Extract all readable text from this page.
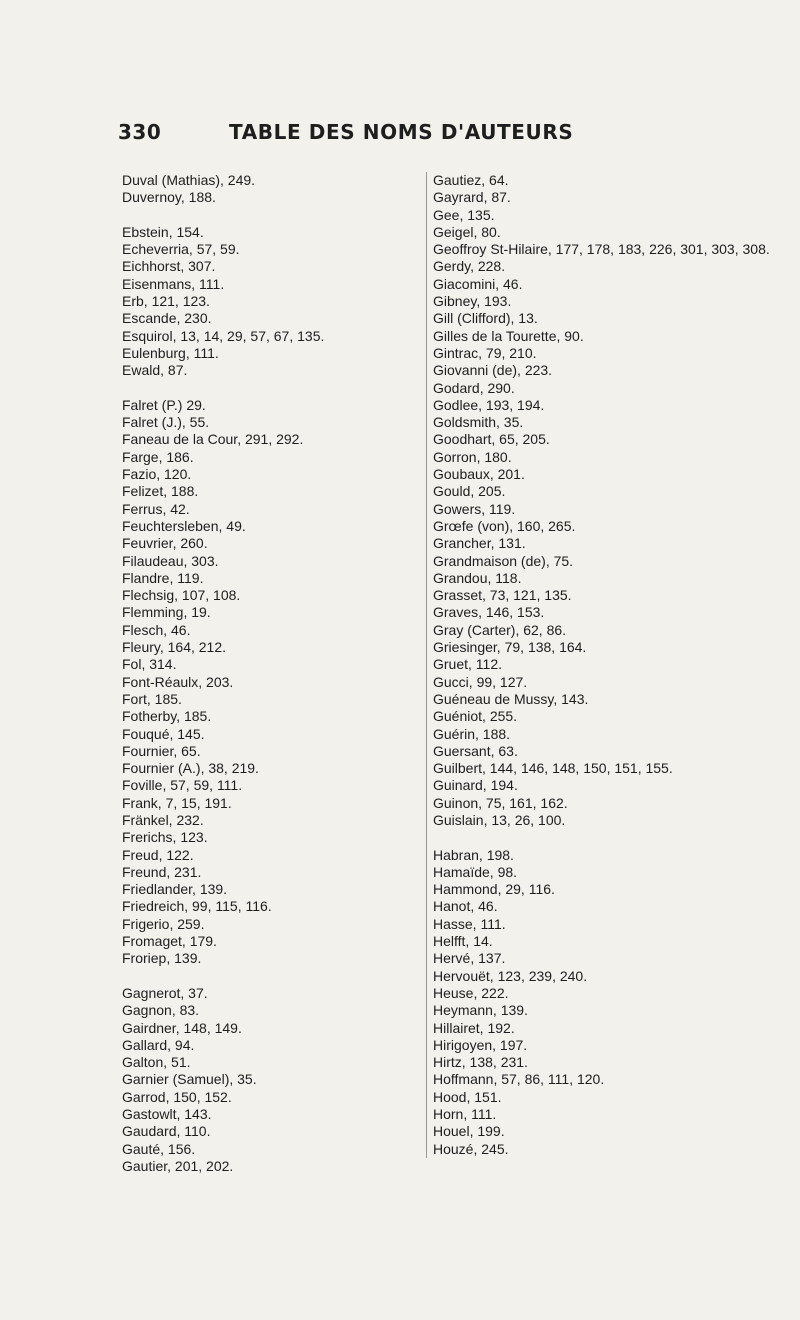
330	TABLE DES NOMS D'AUTEURS
Duval (Mathias), 249.
Duvernoy, 188.
Ebstein, 154.
Echeverria, 57, 59.
Eichhorst, 307.
Eisenmans, 111.
Erb, 121, 123.
Escande, 230.
Esquirol, 13, 14, 29, 57, 67, 135.
Eulenburg, 111.
Ewald, 87.
Falret (P.) 29.
Falret (J.), 55.
Faneau de la Cour, 291, 292.
Farge, 186.
Fazio, 120.
Felizet, 188.
Ferrus, 42.
Feuchtersleben, 49.
Feuvrier, 260.
Filaudeau, 303.
Flandre, 119.
Flechsig, 107, 108.
Flemming, 19.
Flesch, 46.
Fleury, 164, 212.
Fol, 314.
Font-Réaulx, 203.
Fort, 185.
Fotherby, 185.
Fouqué, 145.
Fournier, 65.
Fournier (A.), 38, 219.
Foville, 57, 59, 111.
Frank, 7, 15, 191.
Fränkel, 232.
Frerichs, 123.
Freud, 122.
Freund, 231.
Friedlander, 139.
Friedreich, 99, 115, 116.
Frigerio, 259.
Fromaget, 179.
Froriep, 139.
Gagnerot, 37.
Gagnon, 83.
Gairdner, 148, 149.
Gallard, 94.
Galton, 51.
Garnier (Samuel), 35.
Garrod, 150, 152.
Gastowlt, 143.
Gaudard, 110.
Gauté, 156.
Gautier, 201, 202.
Gautiez, 64.
Gayrard, 87.
Gee, 135.
Geigel, 80.
Geoffroy St-Hilaire, 177, 178, 183, 226, 301, 303, 308.
Gerdy, 228.
Giacomini, 46.
Gibney, 193.
Gill (Clifford), 13.
Gilles de la Tourette, 90.
Gintrac, 79, 210.
Giovanni (de), 223.
Godard, 290.
Godlee, 193, 194.
Goldsmith, 35.
Goodhart, 65, 205.
Gorron, 180.
Goubaux, 201.
Gould, 205.
Gowers, 119.
Grœfe (von), 160, 265.
Grancher, 131.
Grandmaison (de), 75.
Grandou, 118.
Grasset, 73, 121, 135.
Graves, 146, 153.
Gray (Carter), 62, 86.
Griesinger, 79, 138, 164.
Gruet, 112.
Gucci, 99, 127.
Guéneau de Mussy, 143.
Guéniot, 255.
Guérin, 188.
Guersant, 63.
Guilbert, 144, 146, 148, 150, 151, 155.
Guinard, 194.
Guinon, 75, 161, 162.
Guislain, 13, 26, 100.
Habran, 198.
Hamaïde, 98.
Hammond, 29, 116.
Hanot, 46.
Hasse, 111.
Helfft, 14.
Hervé, 137.
Hervouët, 123, 239, 240.
Heuse, 222.
Heymann, 139.
Hillairet, 192.
Hirigoyen, 197.
Hirtz, 138, 231.
Hoffmann, 57, 86, 111, 120.
Hood, 151.
Horn, 111.
Houel, 199.
Houzé, 245.
